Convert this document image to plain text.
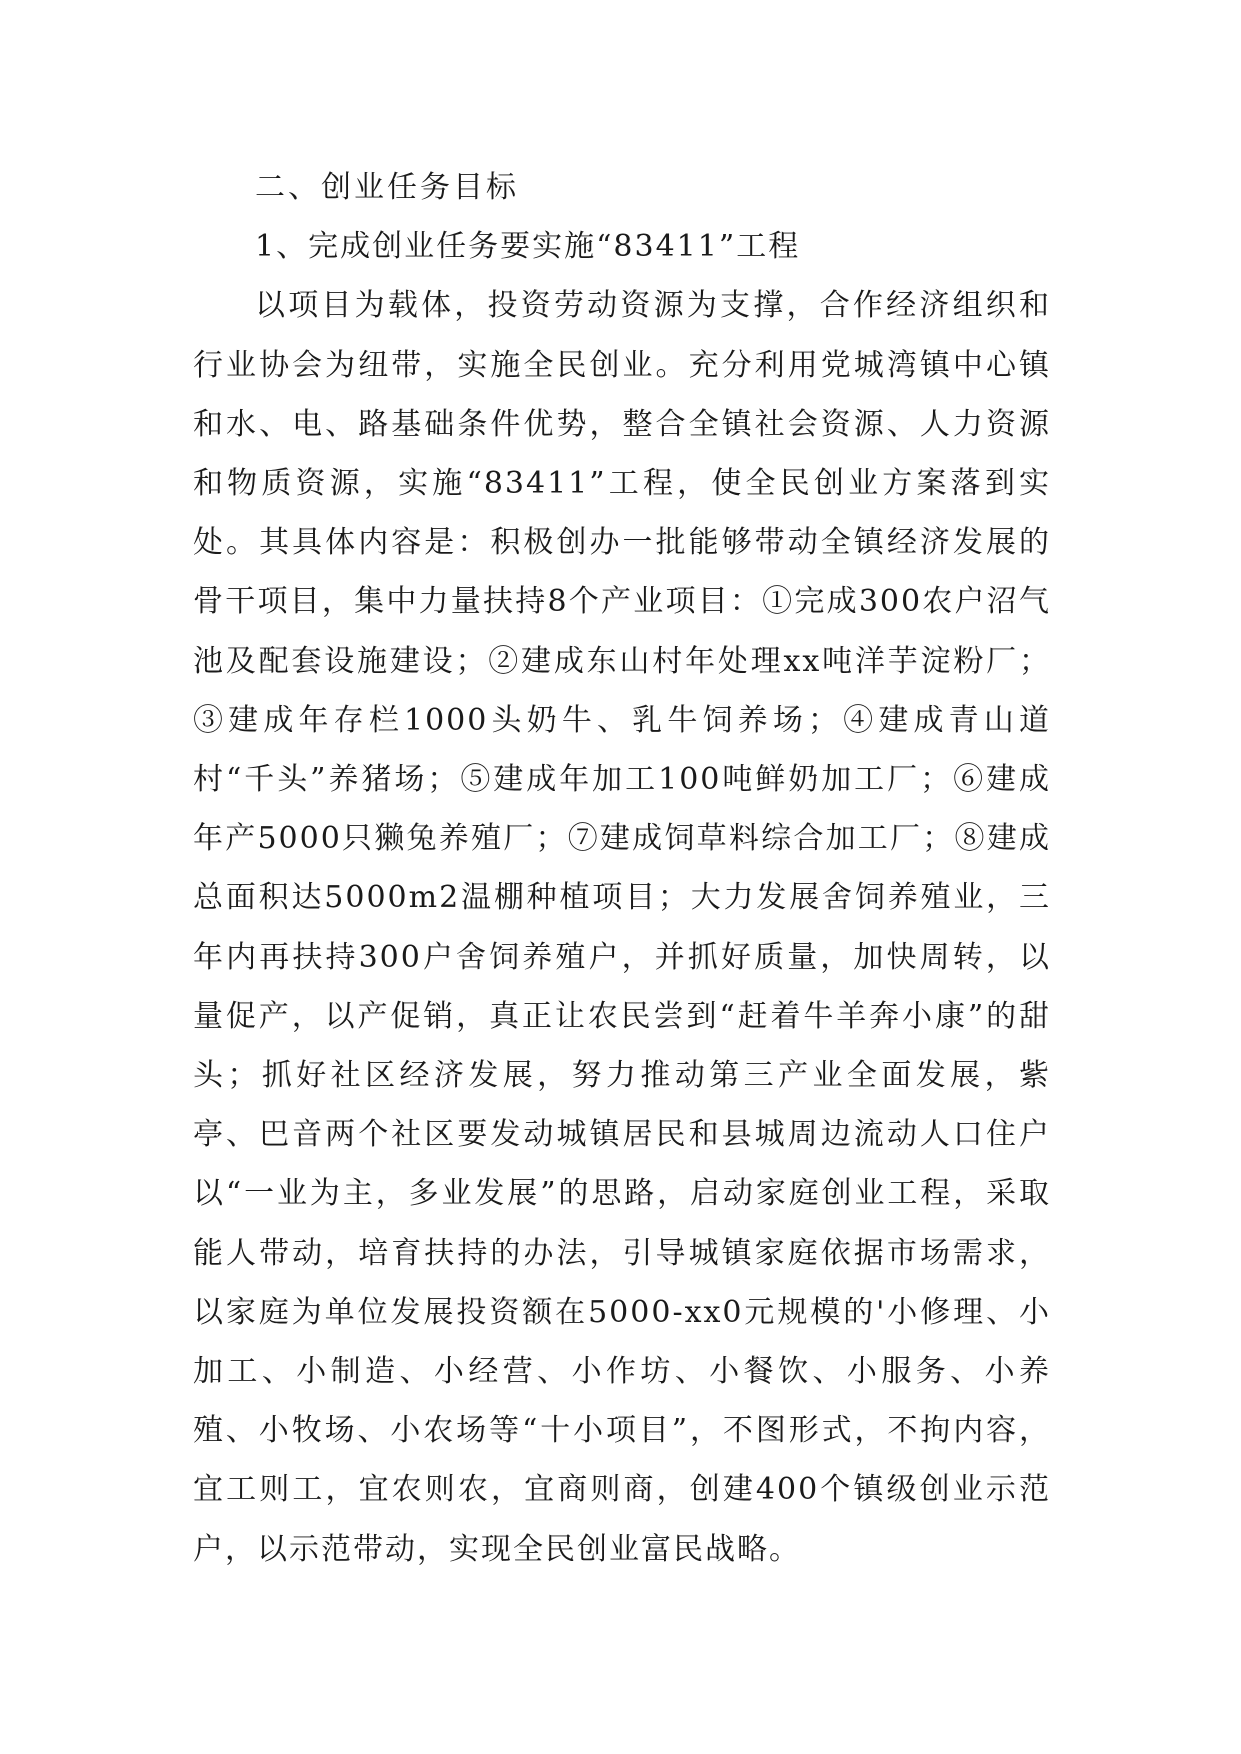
二、创业任务目标
1、完成创业任务要实施“83411”工程

以项目为载体，投资劳动资源为支撑，合作经济组织和行业协会为纽带，实施全民创业。充分利用党城湾镇中心镇和水、电、路基础条件优势，整合全镇社会资源、人力资源和物质资源，实施“83411”工程，使全民创业方案落到实处。其具体内容是：积极创办一批能够带动全镇经济发展的骨干项目，集中力量扶持8个产业项目：①完成300农户沼气池及配套设施建设；②建成东山村年处理xx吨洋芋淀粉厂；③建成年存栏1000头奶牛、乳牛饲养场；④建成青山道村“千头”养猪场；⑤建成年加工100吨鲜奶加工厂；⑥建成年产5000只獭兔养殖厂；⑦建成饲草料综合加工厂；⑧建成总面积达5000m2温棚种植项目；大力发展舍饲养殖业，三年内再扶持300户舍饲养殖户，并抓好质量，加快周转，以量促产，以产促销，真正让农民尝到“赶着牛羊奔小康”的甜头；抓好社区经济发展，努力推动第三产业全面发展，紫亭、巴音两个社区要发动城镇居民和县城周边流动人口住户以“一业为主，多业发展”的思路，启动家庭创业工程，采取能人带动，培育扶持的办法，引导城镇家庭依据市场需求，以家庭为单位发展投资额在5000-xx0元规模的'小修理、小加工、小制造、小经营、小作坊、小餐饮、小服务、小养殖、小牧场、小农场等“十小项目”，不图形式，不拘内容，宜工则工，宜农则农，宜商则商，创建400个镇级创业示范户，以示范带动，实现全民创业富民战略。
